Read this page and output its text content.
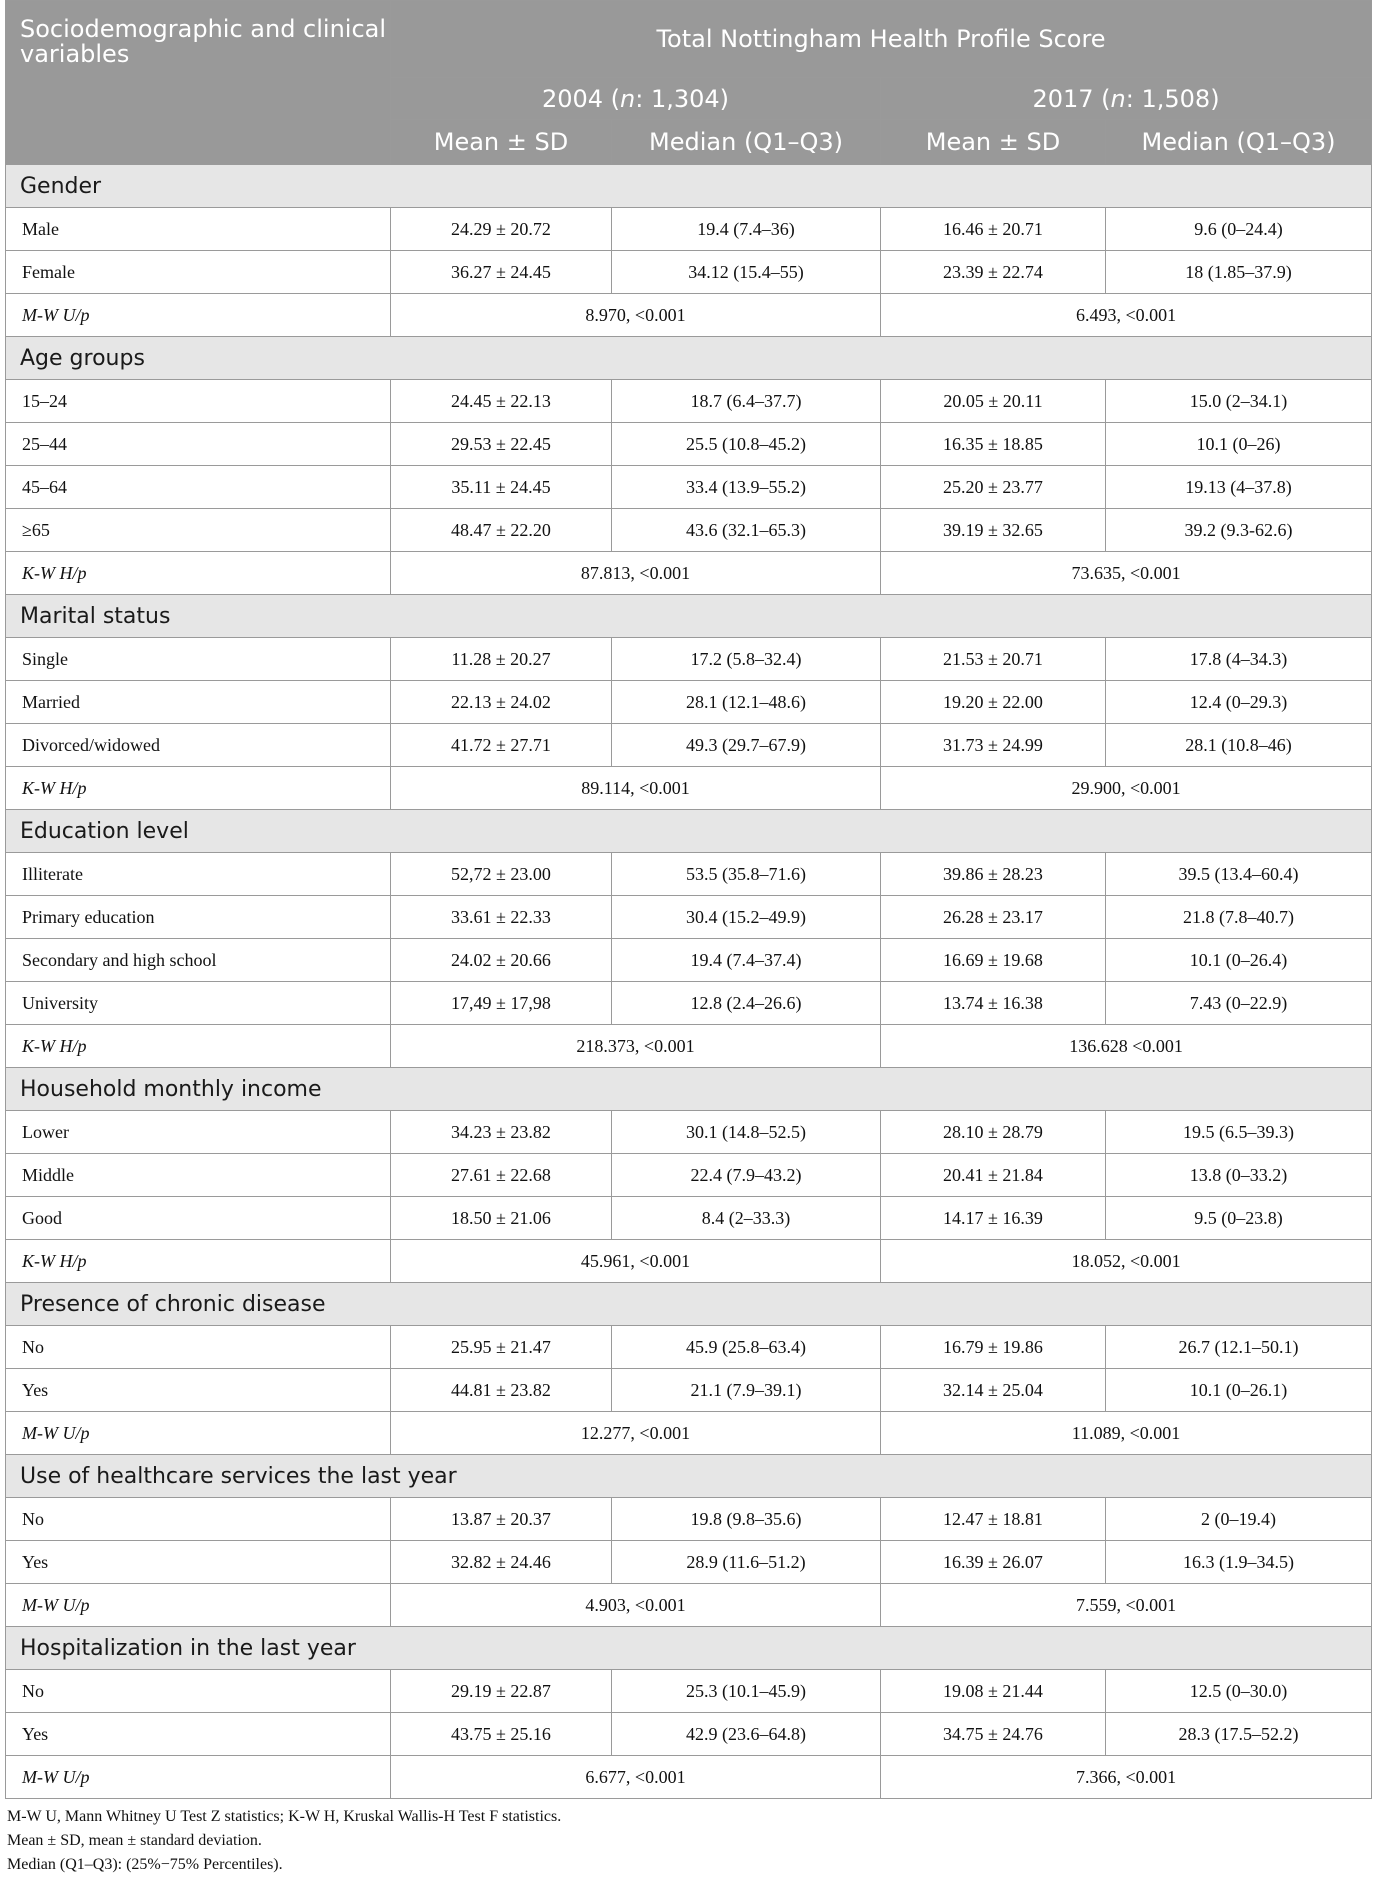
Sociodemographic and clinical variables	Total Nottingham Health Profile Score			
	2004 (n: 1,304)		2017 (n: 1,508)	
	Mean ± SD	Median (Q1–Q3)	Mean ± SD	Median (Q1–Q3)
Gender				
Male	24.29 ± 20.72	19.4 (7.4–36)	16.46 ± 20.71	9.6 (0–24.4)
Female	36.27 ± 24.45	34.12 (15.4–55)	23.39 ± 22.74	18 (1.85–37.9)
M-W U/p	8.970, <0.001		6.493, <0.001	
Age groups				
15–24	24.45 ± 22.13	18.7 (6.4–37.7)	20.05 ± 20.11	15.0 (2–34.1)
25–44	29.53 ± 22.45	25.5 (10.8–45.2)	16.35 ± 18.85	10.1 (0–26)
45–64	35.11 ± 24.45	33.4 (13.9–55.2)	25.20 ± 23.77	19.13 (4–37.8)
≥65	48.47 ± 22.20	43.6 (32.1–65.3)	39.19 ± 32.65	39.2 (9.3-62.6)
K-W H/p	87.813, <0.001		73.635, <0.001	
Marital status				
Single	11.28 ± 20.27	17.2 (5.8–32.4)	21.53 ± 20.71	17.8 (4–34.3)
Married	22.13 ± 24.02	28.1 (12.1–48.6)	19.20 ± 22.00	12.4 (0–29.3)
Divorced/widowed	41.72 ± 27.71	49.3 (29.7–67.9)	31.73 ± 24.99	28.1 (10.8–46)
K-W H/p	89.114, <0.001		29.900, <0.001	
Education level				
Illiterate	52,72 ± 23.00	53.5 (35.8–71.6)	39.86 ± 28.23	39.5 (13.4–60.4)
Primary education	33.61 ± 22.33	30.4 (15.2–49.9)	26.28 ± 23.17	21.8 (7.8–40.7)
Secondary and high school	24.02 ± 20.66	19.4 (7.4–37.4)	16.69 ± 19.68	10.1 (0–26.4)
University	17,49 ± 17,98	12.8 (2.4–26.6)	13.74 ± 16.38	7.43 (0–22.9)
K-W H/p	218.373, <0.001		136.628 <0.001	
Household monthly income				
Lower	34.23 ± 23.82	30.1 (14.8–52.5)	28.10 ± 28.79	19.5 (6.5–39.3)
Middle	27.61 ± 22.68	22.4 (7.9–43.2)	20.41 ± 21.84	13.8 (0–33.2)
Good	18.50 ± 21.06	8.4 (2–33.3)	14.17 ± 16.39	9.5 (0–23.8)
K-W H/p	45.961, <0.001		18.052, <0.001	
Presence of chronic disease				
No	25.95 ± 21.47	45.9 (25.8–63.4)	16.79 ± 19.86	26.7 (12.1–50.1)
Yes	44.81 ± 23.82	21.1 (7.9–39.1)	32.14 ± 25.04	10.1 (0–26.1)
M-W U/p	12.277, <0.001		11.089, <0.001	
Use of healthcare services the last year				
No	13.87 ± 20.37	19.8 (9.8–35.6)	12.47 ± 18.81	2 (0–19.4)
Yes	32.82 ± 24.46	28.9 (11.6–51.2)	16.39 ± 26.07	16.3 (1.9–34.5)
M-W U/p	4.903, <0.001		7.559, <0.001	
Hospitalization in the last year				
No	29.19 ± 22.87	25.3 (10.1–45.9)	19.08 ± 21.44	12.5 (0–30.0)
Yes	43.75 ± 25.16	42.9 (23.6–64.8)	34.75 ± 24.76	28.3 (17.5–52.2)
M-W U/p	6.677, <0.001		7.366, <0.001	
M-W U, Mann Whitney U Test Z statistics; K-W H, Kruskal Wallis-H Test F statistics.
Mean ± SD, mean ± standard deviation.
Median (Q1–Q3): (25%−75% Percentiles).
